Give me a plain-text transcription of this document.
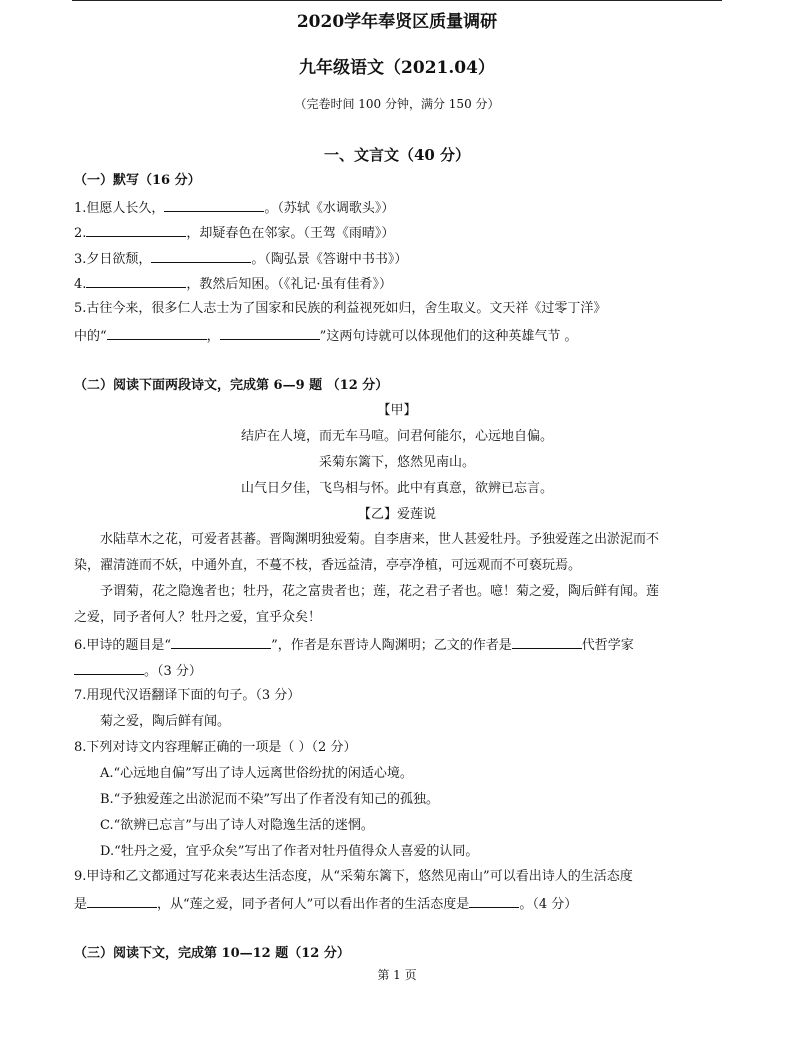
2020学年奉贤区质量调研
九年级语文（2021.04）
（完卷时间 100 分钟，满分 150 分）
一、文言文（40 分）
（一）默写（16 分）
1.但愿人长久，	。（苏轼《水调歌头》）
2.	，却疑春色在邻家。（王驾《雨晴》）
3.夕日欲颓，	。（陶弘景《答谢中书书》）
4.	，教然后知困。（《礼记·虽有佳肴》）
5.古往今来，很多仁人志士为了国家和民族的利益视死如归，舍生取义。文天祥《过零丁洋》
中的“	，	”这两句诗就可以体现他们的这种英雄气节 。
（二）阅读下面两段诗文，完成第 6—9 题 （12 分）
【甲】
结庐在人境，而无车马喧。问君何能尔，心远地自偏。
采菊东篱下，悠然见南山。
山气日夕佳，飞鸟相与怀。此中有真意，欲辨已忘言。
【乙】爱莲说
水陆草木之花，可爱者甚蕃。晋陶渊明独爱菊。自李唐来，世人甚爱牡丹。予独爱莲之出淤泥而不
染，濯清涟而不妖，中通外直，不蔓不枝，香远益清，亭亭净植，可远观而不可亵玩焉。
予谓菊，花之隐逸者也；牡丹，花之富贵者也；莲，花之君子者也。噫！菊之爱，陶后鲜有闻。莲
之爱，同予者何人？牡丹之爱，宜乎众矣！
6.甲诗的题目是“	”，作者是东晋诗人陶渊明；乙文的作者是	代哲学家
。（3 分）
7.用现代汉语翻译下面的句子。（3 分）
菊之爱，陶后鲜有闻。
8.下列对诗文内容理解正确的一项是（ ）（2 分）
A.“心远地自偏”写出了诗人远离世俗纷扰的闲适心境。
B.“予独爱莲之出淤泥而不染”写出了作者没有知己的孤独。
C.“欲辨已忘言”与出了诗人对隐逸生活的迷惘。
D.“牡丹之爱，宜乎众矣”写出了作者对牡丹值得众人喜爱的认同。
9.甲诗和乙文都通过写花来表达生活态度，从“采菊东篱下，悠然见南山”可以看出诗人的生活态度
是	，从“莲之爱，同予者何人”可以看出作者的生活态度是	。（4 分）
（三）阅读下文，完成第 10—12 题（12 分）
第 1 页
